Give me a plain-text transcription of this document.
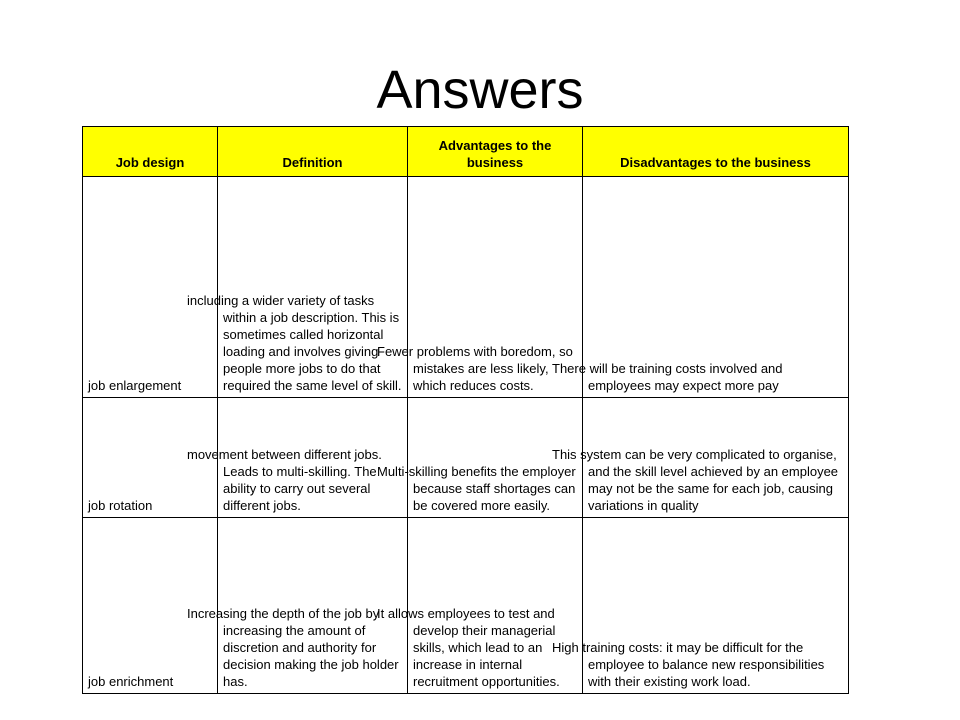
Answers
Job design	Definition	Advantages to the business	Disadvantages to the business
job enlargement	including a wider variety of tasks within a job description. This is sometimes called horizontal loading and involves giving people more jobs to do that required the same level of skill.	Fewer problems with boredom, so mistakes are less likely, which reduces costs.	There will be training costs involved and employees may expect more pay
job rotation	movement between different jobs. Leads to multi-skilling. The ability to carry out several different jobs.	Multi-skilling benefits the employer because staff shortages can be covered more easily.	This system can be very complicated to organise, and the skill level achieved by an employee may not be the same for each job, causing variations in quality
job enrichment	Increasing the depth of the job by increasing the amount of discretion and authority for decision making the job holder has.	It allows employees to test and develop their managerial skills, which lead to an increase in internal recruitment opportunities.	High training costs: it may be difficult for the employee to balance new responsibilities with their existing work load.
